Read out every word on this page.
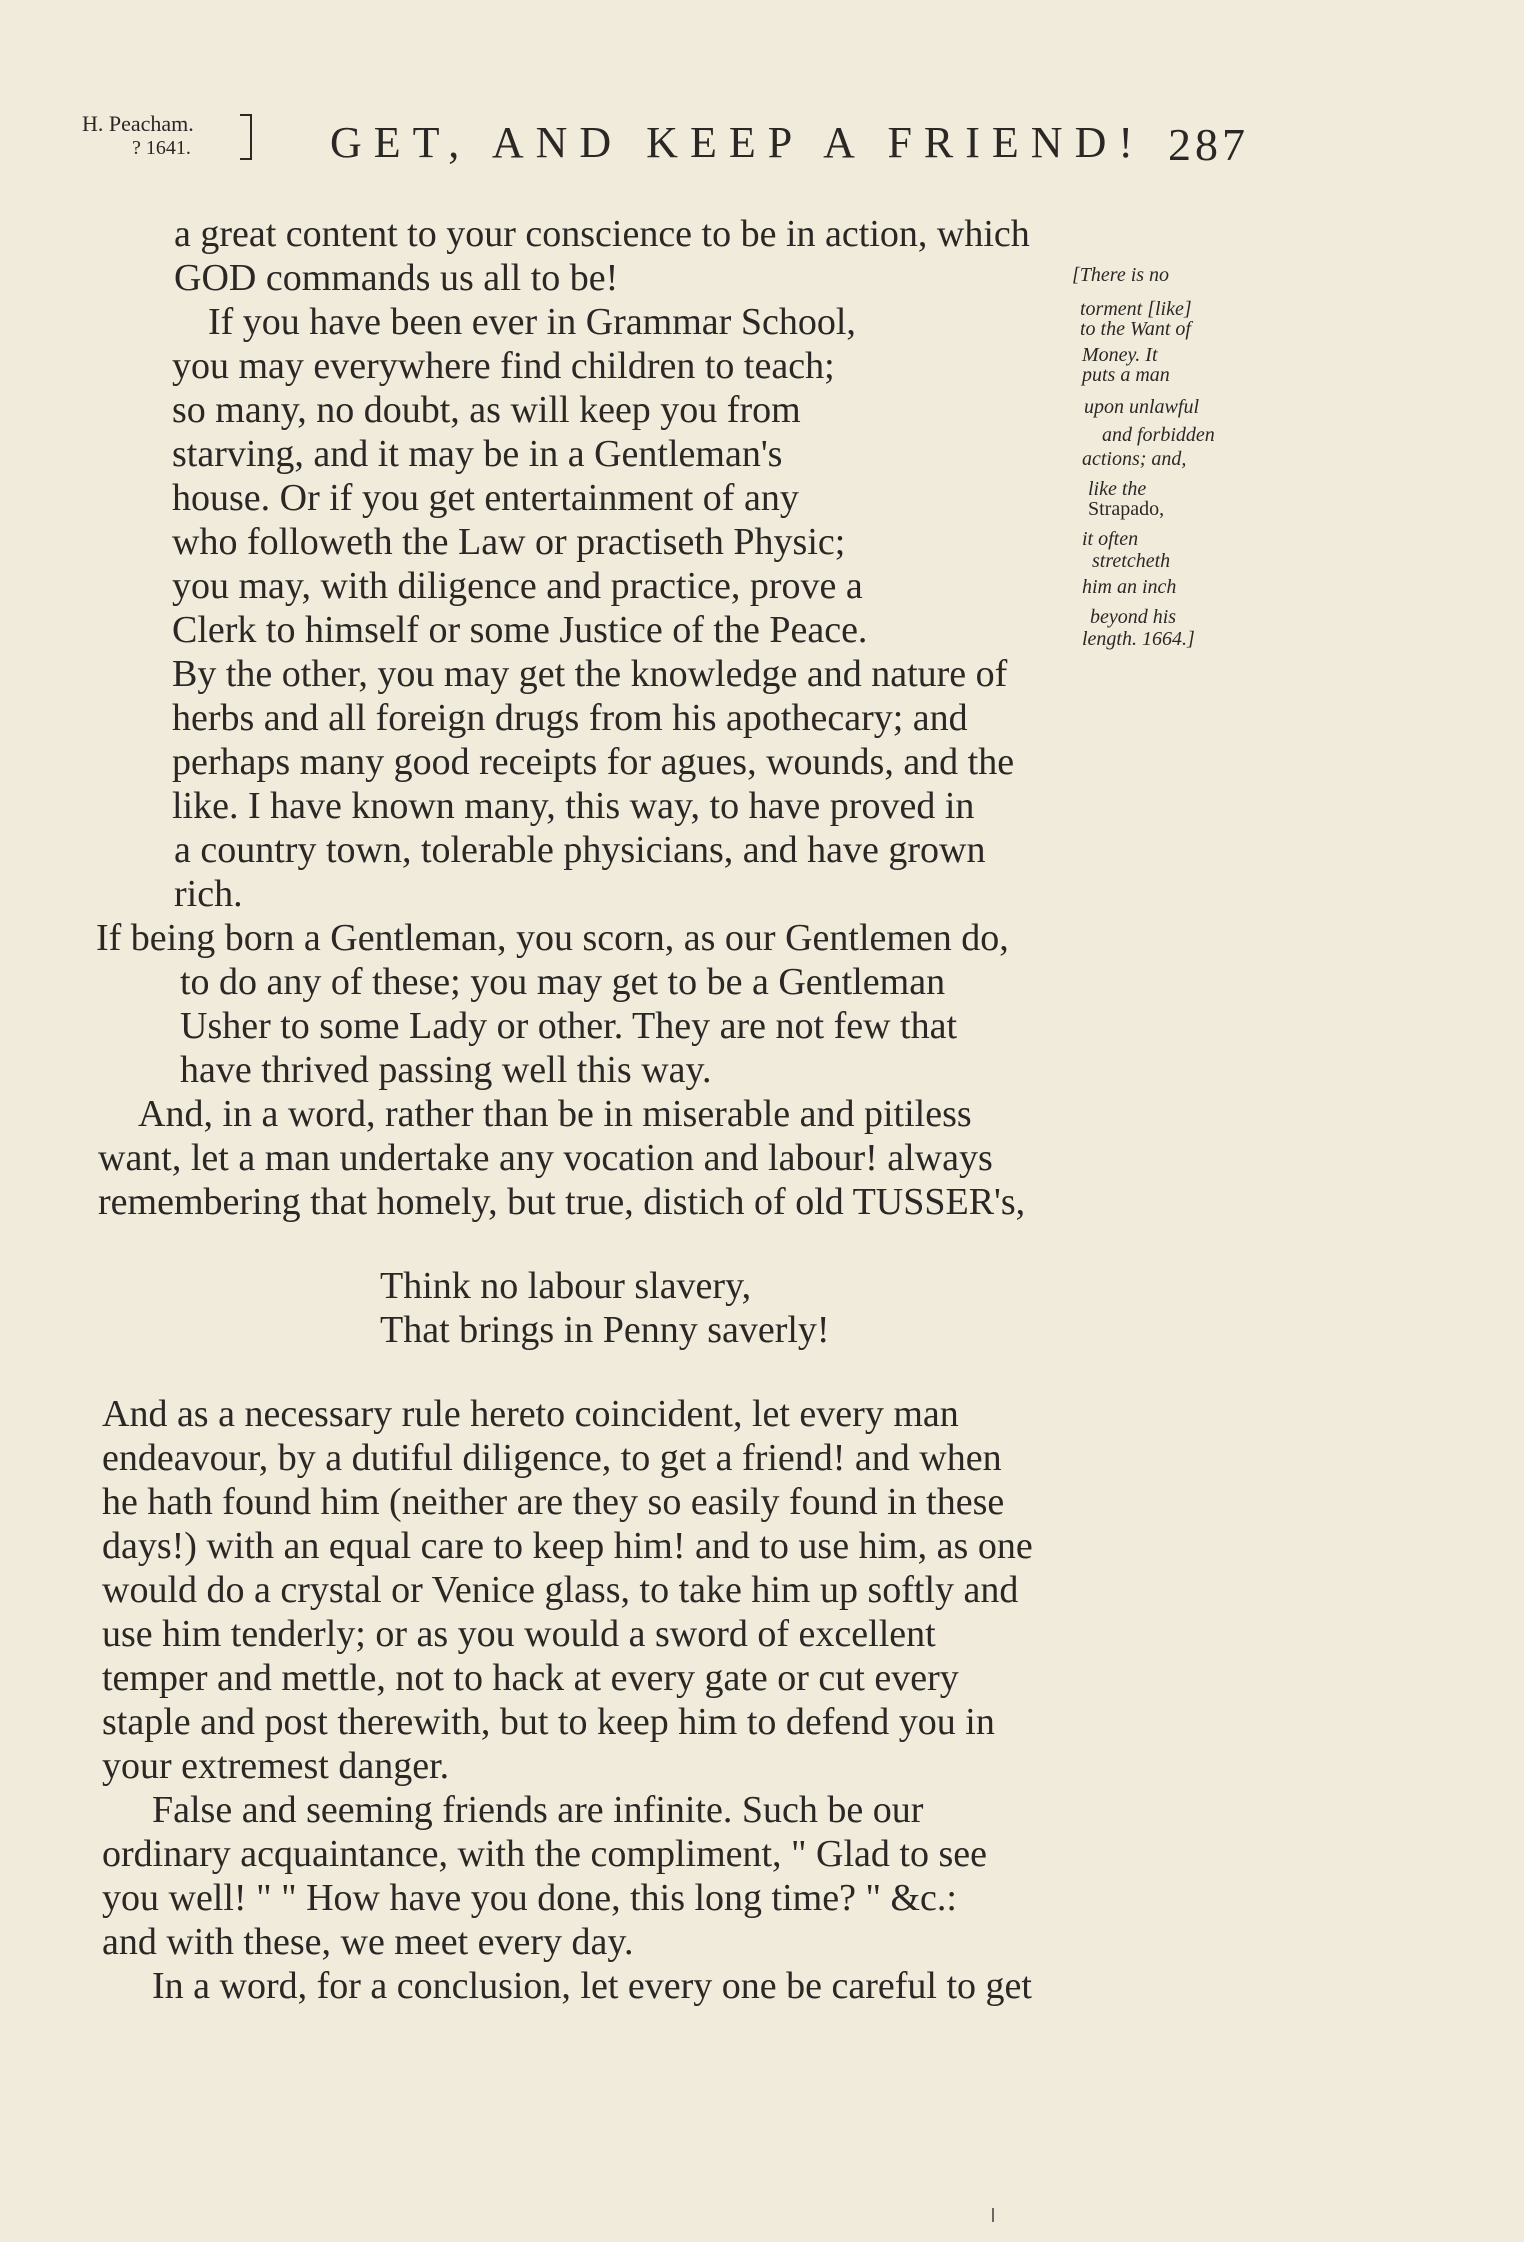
H. Peacham.
? 1641.	GET, AND KEEP A FRIEND! 287
a great content to your conscience to be in action, which
GOD commands us all to be!
If you have been ever in Grammar School,
you may everywhere find children to teach;
so many, no doubt, as will keep you from
starving, and it may be in a Gentleman's
house. Or if you get entertainment of any
who followeth the Law or practiseth Physic;
you may, with diligence and practice, prove a
Clerk to himself or some Justice of the Peace.
By the other, you may get the knowledge and nature of
herbs and all foreign drugs from his apothecary; and
perhaps many good receipts for agues, wounds, and the
like. I have known many, this way, to have proved in
a country town, tolerable physicians, and have grown
rich.
If being born a Gentleman, you scorn, as our Gentlemen do,
to do any of these; you may get to be a Gentleman
Usher to some Lady or other. They are not few that
have thrived passing well this way.
And, in a word, rather than be in miserable and pitiless
want, let a man undertake any vocation and labour! always
remembering that homely, but true, distich of old TUSSER's,
Think no labour slavery,
That brings in Penny saverly!
And as a necessary rule hereto coincident, let every man
endeavour, by a dutiful diligence, to get a friend! and when
he hath found him (neither are they so easily found in these
days!) with an equal care to keep him! and to use him, as one
would do a crystal or Venice glass, to take him up softly and
use him tenderly; or as you would a sword of excellent
temper and mettle, not to hack at every gate or cut every
staple and post therewith, but to keep him to defend you in
your extremest danger.
False and seeming friends are infinite. Such be our
ordinary acquaintance, with the compliment, " Glad to see
you well! " " How have you done, this long time? " &c.:
and with these, we meet every day.
In a word, for a conclusion, let every one be careful to get
[There is no
torment [like]
to the Want of
Money. It
puts a man
upon unlawful
and forbidden
actions; and,
like the
Strapado,
it often
stretcheth
him an inch
beyond his
length. 1664.]
